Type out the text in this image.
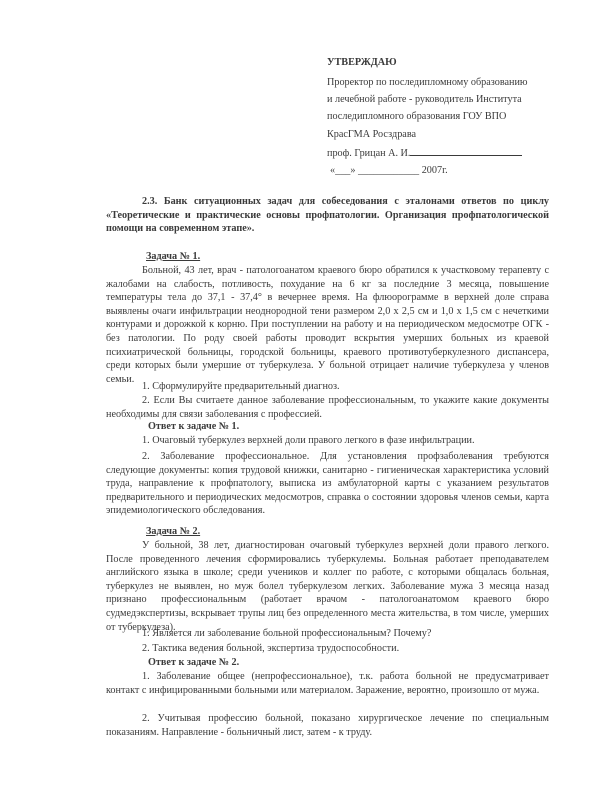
УТВЕРЖДАЮ
Проректор по последипломному образованию
и лечебной работе - руководитель Института
последипломного образования ГОУ ВПО
КрасГМА Росздрава
проф. Грицан А. И.
«___» ____________ 2007г.
2.3. Банк ситуационных задач для собеседования с эталонами ответов по циклу «Теоретические и практические основы профпатологии. Организация профпатологической помощи на современном этапе».
Задача № 1.
Больной, 43 лет, врач - патологоанатом краевого бюро обратился к участковому терапевту с жалобами на слабость, потливость, похудание на 6 кг за последние 3 месяца, повышение температуры тела до 37,1 - 37,4° в вечернее время. На флюорограмме в верхней доле справа выявлены очаги инфильтрации неоднородной тени размером 2,0 х 2,5 см и 1,0 х 1,5 см с нечеткими контурами и дорожкой к корню. При поступлении на работу и на периодическом медосмотре ОГК - без патологии. По роду своей работы проводит вскрытия умерших больных из краевой психиатрической больницы, городской больницы, краевого противотуберкулезного диспансера, среди которых были умершие от туберкулеза. У больной отрицает наличие туберкулеза у членов семьи.
1. Сформулируйте предварительный диагноз.
2. Если Вы считаете данное заболевание профессиональным, то укажите какие документы необходимы для связи заболевания с профессией.
Ответ к задаче № 1.
1. Очаговый туберкулез верхней доли правого легкого в фазе инфильтрации.
2. Заболевание профессиональное. Для установления профзаболевания требуются следующие документы: копия трудовой книжки, санитарно - гигиеническая характеристика условий труда, направление к профпатологу, выписка из амбулаторной карты с указанием результатов предварительного и периодических медосмотров, справка о состоянии здоровья членов семьи, карта эпидемиологического обследования.
Задача № 2.
У больной, 38 лет, диагностирован очаговый туберкулез верхней доли правого легкого. После проведенного лечения сформировались туберкулемы. Больная работает преподавателем английского языка в школе; среди учеников и коллег по работе, с которыми общалась больная, туберкулез не выявлен, но муж болел туберкулезом легких. Заболевание мужа 3 месяца назад признано профессиональным (работает врачом - патологоанатомом краевого бюро судмедэкспертизы, вскрывает трупы лиц без определенного места жительства, в том числе, умерших от туберкулеза).
1. Является ли заболевание больной профессиональным? Почему?
2. Тактика ведения больной, экспертиза трудоспособности.
Ответ к задаче № 2.
1. Заболевание общее (непрофессиональное), т.к. работа больной не предусматривает контакт с инфицированными больными или материалом. Заражение, вероятно, произошло от мужа.
2. Учитывая профессию больной, показано хирургическое лечение по специальным показаниям. Направление - больничный лист, затем - к труду.
